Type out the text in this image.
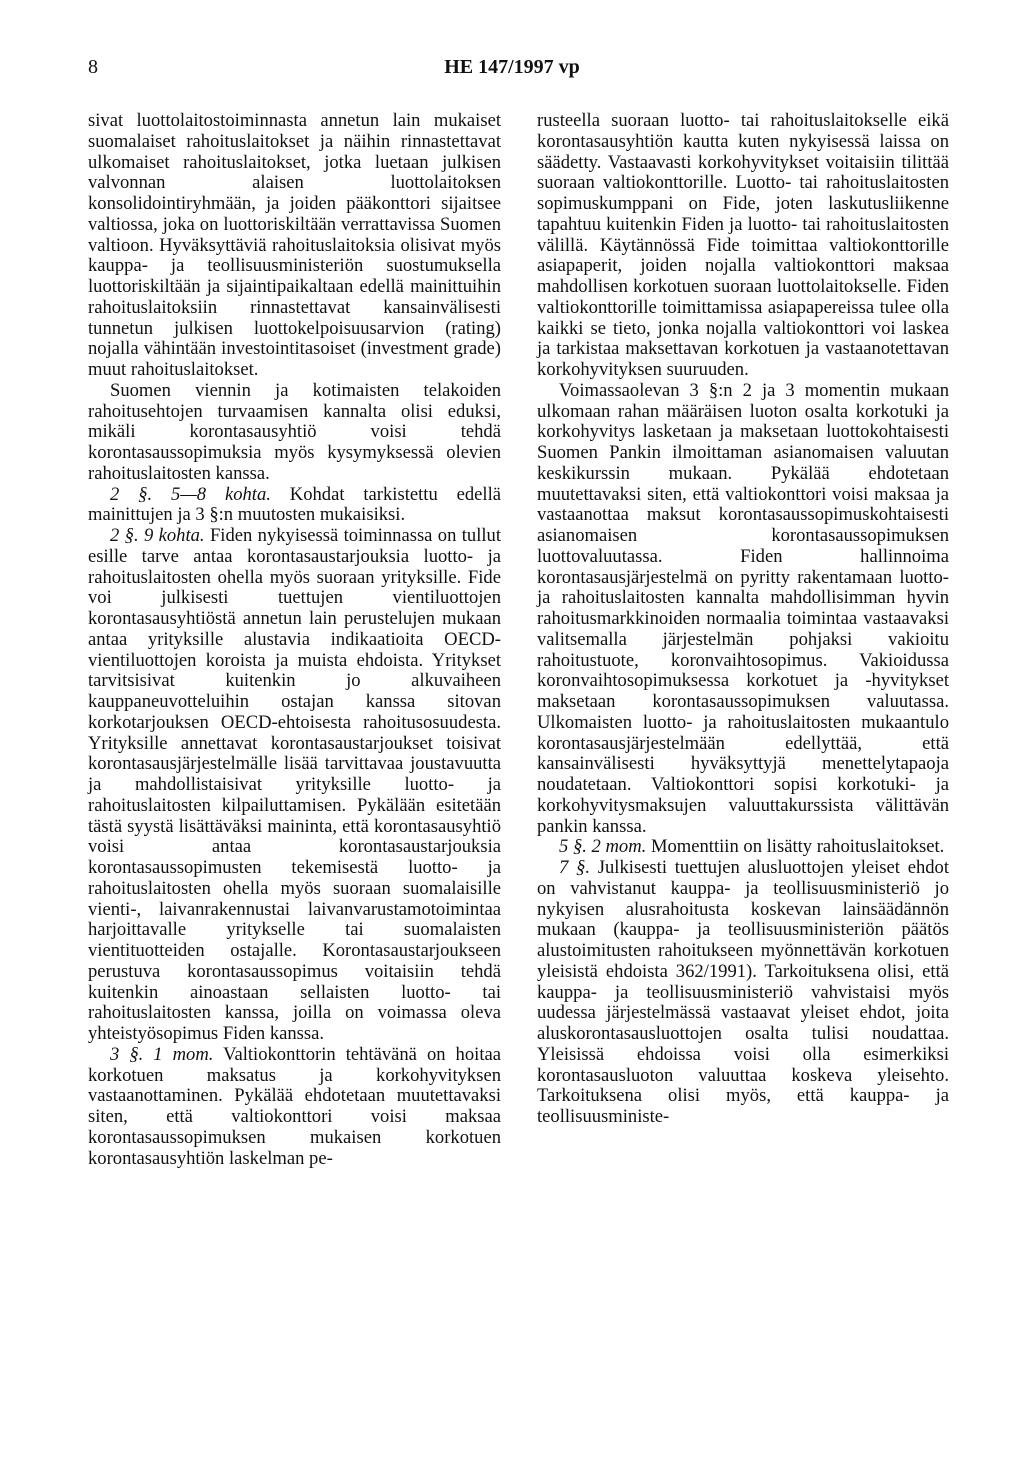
8	HE 147/1997 vp

sivat luottolaitostoiminnasta annetun lain mukaiset suomalaiset rahoituslaitokset ja näihin rinnastettavat ulkomaiset rahoituslaitokset, jotka luetaan julkisen valvonnan alaisen luottolaitoksen konsolidointiryhmään, ja joiden pääkonttori sijaitsee valtiossa, joka on luottoriskiltään verrattavissa Suomen valtioon. Hyväksyttäviä rahoituslaitoksia olisivat myös kauppa- ja teollisuusministeriön suostumuksella luottoriskiltään ja sijaintipaikaltaan edellä mainittuihin rahoituslaitoksiin rinnastettavat kansainvälisesti tunnetun julkisen luottokelpoisuusarvion (rating) nojalla vähintään investointitasoiset (investment grade) muut rahoituslaitokset.

Suomen viennin ja kotimaisten telakoiden rahoitusehtojen turvaamisen kannalta olisi eduksi, mikäli korontasausyhtiö voisi tehdä korontasaussopimuksia myös kysymyksessä olevien rahoituslaitosten kanssa.

2 §. 5—8 kohta. Kohdat tarkistettu edellä mainittujen ja 3 §:n muutosten mukaisiksi.

2 §. 9 kohta. Fiden nykyisessä toiminnassa on tullut esille tarve antaa korontasaustarjouksia luotto- ja rahoituslaitosten ohella myös suoraan yrityksille. Fide voi julkisesti tuettujen vientiluottojen korontasausyhtiöstä annetun lain perustelujen mukaan antaa yrityksille alustavia indikaatioita OECD-vientiluottojen koroista ja muista ehdoista. Yritykset tarvitsisivat kuitenkin jo alkuvaiheen kauppaneuvotteluihin ostajan kanssa sitovan korkotarjouksen OECD-ehtoisesta rahoitusosuudesta. Yrityksille annettavat korontasaustarjoukset toisivat korontasausjärjestelmälle lisää tarvittavaa joustavuutta ja mahdollistaisivat yrityksille luotto- ja rahoituslaitosten kilpailuttamisen. Pykälään esitetään tästä syystä lisättäväksi maininta, että korontasausyhtiö voisi antaa korontasaustarjouksia korontasaussopimusten tekemisestä luotto- ja rahoituslaitosten ohella myös suoraan suomalaisille vienti-, laivanrakennustai laivanvarustamotoimintaa harjoittavalle yritykselle tai suomalaisten vientituotteiden ostajalle. Korontasaustarjoukseen perustuva korontasaussopimus voitaisiin tehdä kuitenkin ainoastaan sellaisten luotto- tai rahoituslaitosten kanssa, joilla on voimassa oleva yhteistyösopimus Fiden kanssa.

3 §. 1 mom. Valtiokonttorin tehtävänä on hoitaa korkotuen maksatus ja korkohyvityksen vastaanottaminen. Pykälää ehdotetaan muutettavaksi siten, että valtiokonttori voisi maksaa korontasaussopimuksen mukaisen korkotuen korontasausyhtiön laskelman pe-

rusteella suoraan luotto- tai rahoituslaitokselle eikä korontasausyhtiön kautta kuten nykyisessä laissa on säädetty. Vastaavasti korkohyvitykset voitaisiin tilittää suoraan valtiokonttorille. Luotto- tai rahoituslaitosten sopimuskumppani on Fide, joten laskutusliikenne tapahtuu kuitenkin Fiden ja luotto- tai rahoituslaitosten välillä. Käytännössä Fide toimittaa valtiokonttorille asiapaperit, joiden nojalla valtiokonttori maksaa mahdollisen korkotuen suoraan luottolaitokselle. Fiden valtiokonttorille toimittamissa asiapapereissa tulee olla kaikki se tieto, jonka nojalla valtiokonttori voi laskea ja tarkistaa maksettavan korkotuen ja vastaanotettavan korkohyvityksen suuruuden.

Voimassaolevan 3 §:n 2 ja 3 momentin mukaan ulkomaan rahan määräisen luoton osalta korkotuki ja korkohyvitys lasketaan ja maksetaan luottokohtaisesti Suomen Pankin ilmoittaman asianomaisen valuutan keskikurssin mukaan. Pykälää ehdotetaan muutettavaksi siten, että valtiokonttori voisi maksaa ja vastaanottaa maksut korontasaussopimuskohtaisesti asianomaisen korontasaussopimuksen luottovaluutassa. Fiden hallinnoima korontasausjärjestelmä on pyritty rakentamaan luotto- ja rahoituslaitosten kannalta mahdollisimman hyvin rahoitusmarkkinoiden normaalia toimintaa vastaavaksi valitsemalla järjestelmän pohjaksi vakioitu rahoitustuote, koronvaihtosopimus. Vakioidussa koronvaihtosopimuksessa korkotuet ja -hyvitykset maksetaan korontasaussopimuksen valuutassa. Ulkomaisten luotto- ja rahoituslaitosten mukaantulo korontasausjärjestelmään edellyttää, että kansainvälisesti hyväksyttyjä menettelytapaoja noudatetaan. Valtiokonttori sopisi korkotuki- ja korkohyvitysmaksujen valuuttakurssista välittävän pankin kanssa.

5 §. 2 mom. Momenttiin on lisätty rahoituslaitokset.

7 §. Julkisesti tuettujen alusluottojen yleiset ehdot on vahvistanut kauppa- ja teollisuusministeriö jo nykyisen alusrahoitusta koskevan lainsäädännön mukaan (kauppa- ja teollisuusministeriön päätös alustoimitusten rahoitukseen myönnettävän korkotuen yleisistä ehdoista 362/1991). Tarkoituksena olisi, että kauppa- ja teollisuusministeriö vahvistaisi myös uudessa järjestelmässä vastaavat yleiset ehdot, joita aluskorontasausluottojen osalta tulisi noudattaa. Yleisissä ehdoissa voisi olla esimerkiksi korontasausluoton valuuttaa koskeva yleisehto. Tarkoituksena olisi myös, että kauppa- ja teollisuusministe-
